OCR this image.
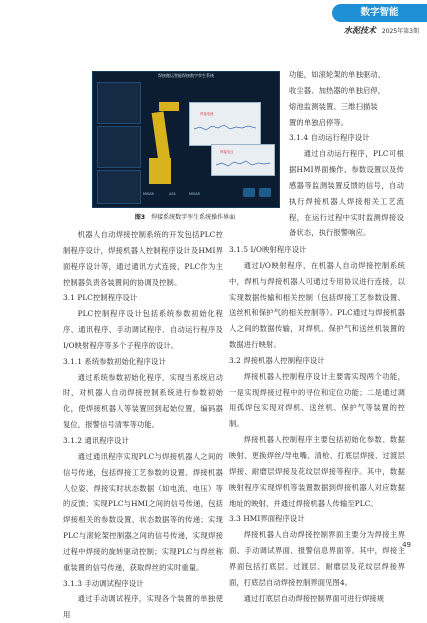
数字智能
水泥技术 2025年第3期
焊接搬运智能焊接数字孪生系统
焊接电流
焊接电压
MISAB	AS4	MISAB
图3 焊接系统数字孪生系统操作界面

功能，如滚轮架的单独驱动、

收尘器、加热器的单独启停，

熔池监测装置、三维扫描装

置的单独启停等。

3.1.4 自动运行程序设计

通过自动运行程序，PLC可根据HMI界面操作、参数设置以及传感器等监测装置反馈的信号，自动执行焊接机器人焊接相关工艺流程，在运行过程中实时监测焊接设备状态，执行报警响应。

机器人自动焊接控制系统的开发包括PLC控制程序设计，焊接机器人控制程序设计及HMI界面程序设计等，通过通讯方式连接，PLC作为主控制器负责各装置间的协调及控制。

3.1 PLC控制程序设计

PLC控制程序设计包括系统参数初始化程序、通讯程序、手动调试程序、自动运行程序及I/O映射程序等多个子程序的设计。

3.1.1 系统参数初始化程序设计

通过系统参数初始化程序，实现当系统启动时，对机器人自动焊接控制系统进行参数初始化，使焊接机器人等装置回到起始位置，编码器复位，报警信号清零等功能。

3.1.2 通讯程序设计

通过通讯程序实现PLC与焊接机器人之间的信号传递，包括焊接工艺参数的设置、焊接机器人位姿、焊接实时状态数据（如电流、电压）等的反馈；实现PLC与HMI之间的信号传递，包括焊接相关的参数设置、状态数据等的传递；实现PLC与滚轮架控制器之间的信号传递，实现焊接过程中焊接的旋转驱动控制；实现PLC与焊丝称重装置的信号传递，获取焊丝的实时重量。

3.1.3 手动调试程序设计

通过手动调试程序，实现各个装置的单独使用

3.1.5 I/O映射程序设计

通过I/O映射程序，在机器人自动焊接控制系统中，焊机与焊接机器人可通过专用协议进行连接，以实现数据传输和相关控制（包括焊接工艺参数设置、送丝机和保护气的相关控制等）。PLC通过与焊接机器人之间的数据传输，对焊机、保护气和送丝机装置的数据进行映射。

3.2 焊接机器人控制程序设计

焊接机器人控制程序设计主要需实现两个功能，一是实现焊接过程中的寻位和定位功能；二是通过调用孤焊包实现对焊机、送丝机、保护气等装置的控制。

焊接机器人控制程序主要包括初始化参数、数据映射、更换焊丝/导电嘴、清枪、打底层焊接、过渡层焊接、耐磨层焊接及花纹层焊接等程序。其中，数据映射程序实现焊机等装置数据到焊接机器人对应数据地址的映射，并通过焊接机器人传输至PLC。

3.3 HMI界面程序设计

焊接机器人自动焊接控制界面主要分为焊接主界面、手动调试界面、报警信息界面等。其中，焊接主界面包括打底层、过渡层、耐磨层及花纹层焊接界面，打底层自动焊接控制界面见图4。

通过打底层自动焊接控制界面可进行焊接规

49
